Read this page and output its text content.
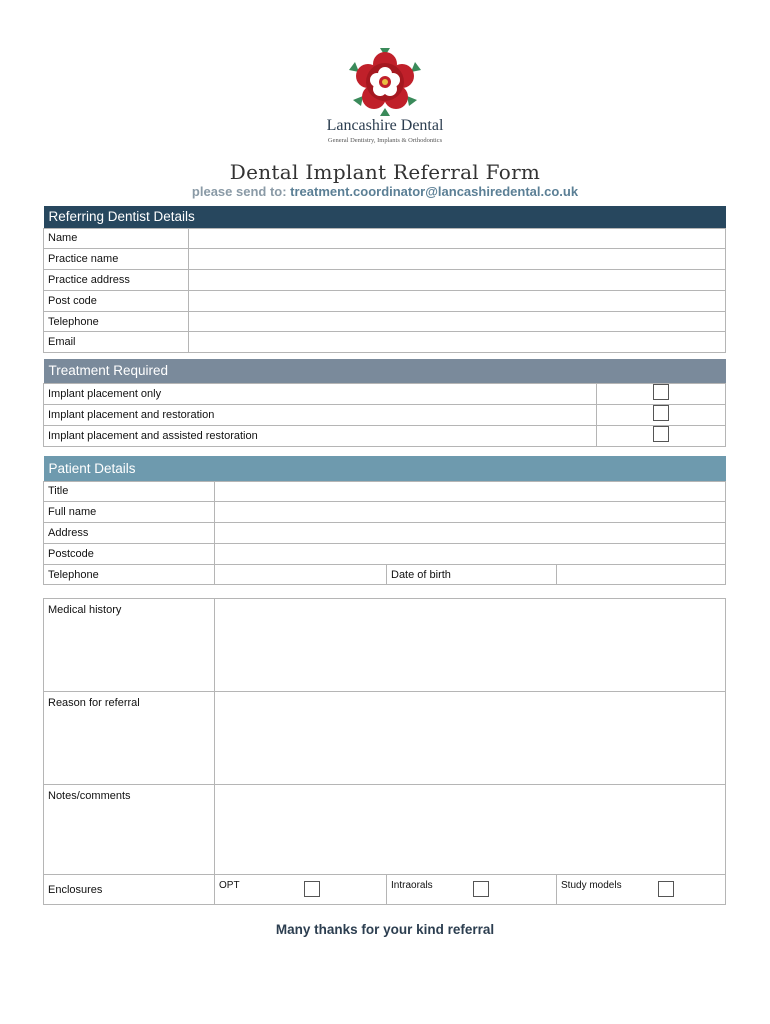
Lancashire Dental
General Dentistry, Implants & Orthodontics
Dental Implant Referral Form
please send to: treatment.coordinator@lancashiredental.co.uk
Referring Dentist Details	
Name	
Practice name	
Practice address	
Post code	
Telephone	
Email	
Treatment Required	
Implant placement only	
Implant placement and restoration	
Implant placement and assisted restoration	
Patient Details			
Title			
Full name			
Address			
Postcode			
Telephone		Date of birth	
Medical history			
Reason for referral			
Notes/comments			
Enclosures	OPT	Intraorals	Study models
Many thanks for your kind referral
